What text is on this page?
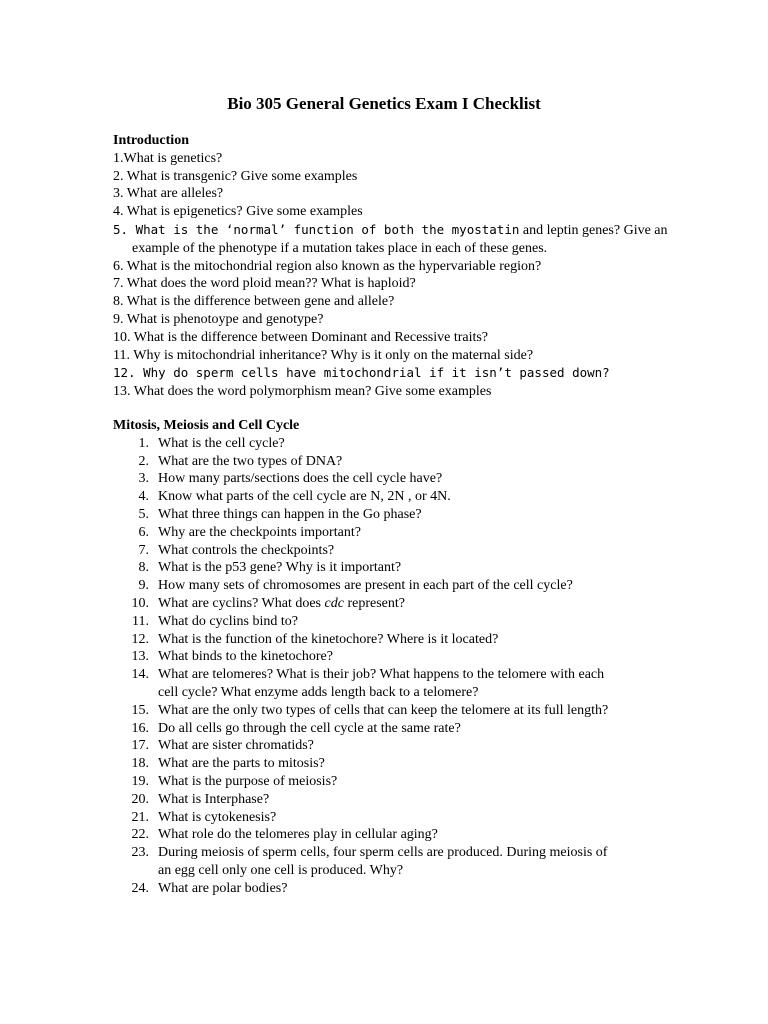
Bio 305 General Genetics Exam I Checklist
Introduction
1.What is genetics?
2. What is transgenic? Give some examples
3. What are alleles?
4. What is epigenetics? Give some examples
5. What is the ‘normal’ function of both the myostatin and leptin genes? Give an
example of the phenotype if a mutation takes place in each of these genes.
6. What is the mitochondrial region also known as the hypervariable region?
7. What does the word ploid mean?? What is haploid?
8. What is the difference between gene and allele?
9. What is phenotoype and genotype?
10. What is the difference between Dominant and Recessive traits?
11. Why is mitochondrial inheritance? Why is it only on the maternal side?
12. Why do sperm cells have mitochondrial if it isn’t passed down?
13. What does the word polymorphism mean? Give some examples
Mitosis, Meiosis and Cell Cycle
1. What is the cell cycle?
2. What are the two types of DNA?
3. How many parts/sections does the cell cycle have?
4. Know what parts of the cell cycle are N, 2N , or 4N.
5. What three things can happen in the Go phase?
6. Why are the checkpoints important?
7. What controls the checkpoints?
8. What is the p53 gene? Why is it important?
9. How many sets of chromosomes are present in each part of the cell cycle?
10. What are cyclins? What does cdc represent?
11. What do cyclins bind to?
12. What is the function of the kinetochore? Where is it located?
13. What binds to the kinetochore?
14. What are telomeres? What is their job? What happens to the telomere with each
cell cycle? What enzyme adds length back to a telomere?
15. What are the only two types of cells that can keep the telomere at its full length?
16. Do all cells go through the cell cycle at the same rate?
17. What are sister chromatids?
18. What are the parts to mitosis?
19. What is the purpose of meiosis?
20. What is Interphase?
21. What is cytokenesis?
22. What role do the telomeres play in cellular aging?
23. During meiosis of sperm cells, four sperm cells are produced. During meiosis of
an egg cell only one cell is produced. Why?
24. What are polar bodies?
